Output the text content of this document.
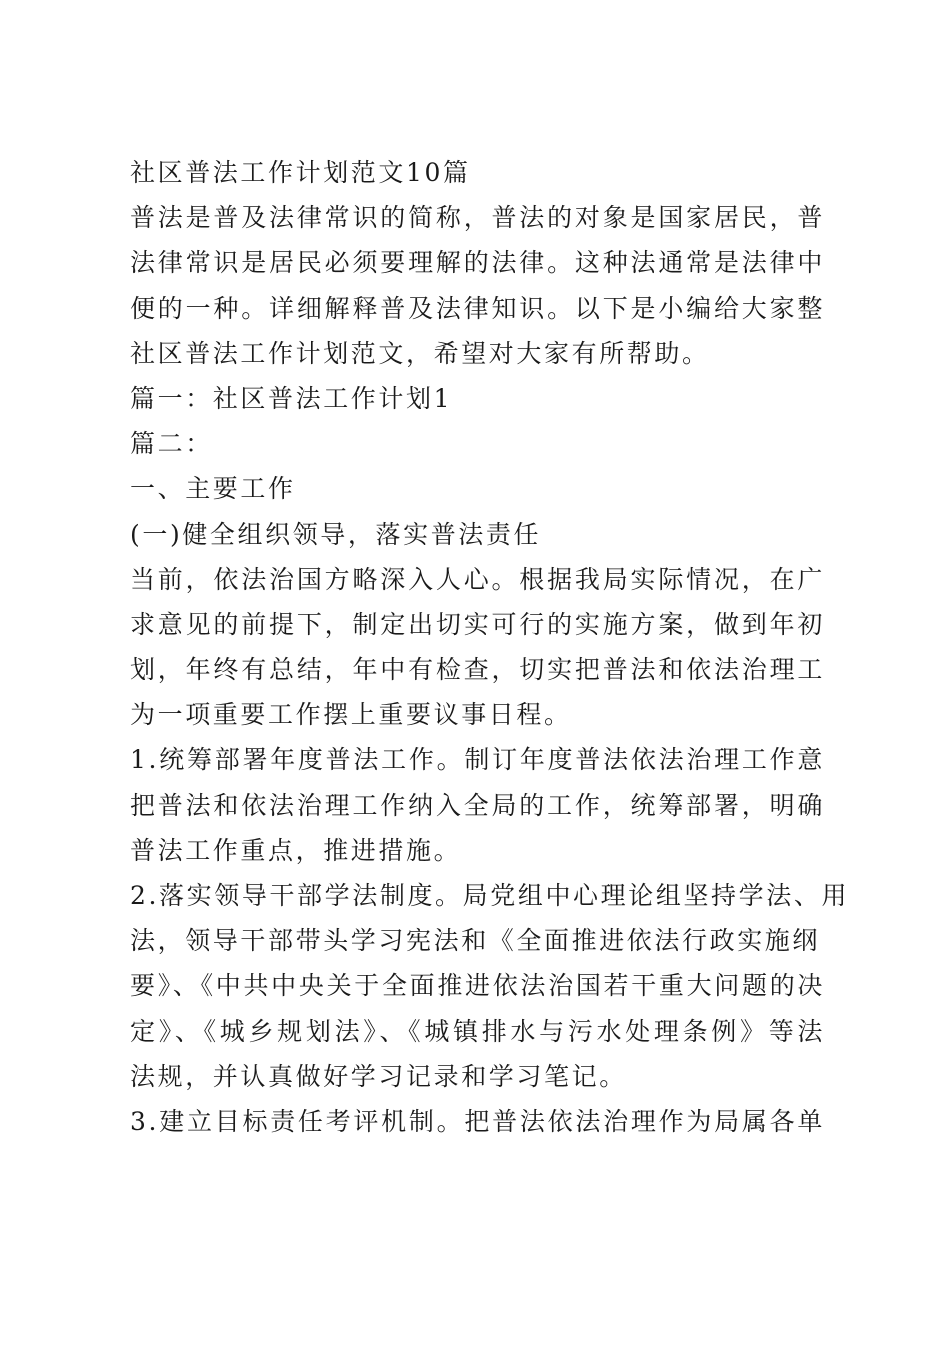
社区普法工作计划范文10篇
普法是普及法律常识的简称，普法的对象是国家居民，普
法律常识是居民必须要理解的法律。这种法通常是法律中
便的一种。详细解释普及法律知识。以下是小编给大家整
社区普法工作计划范文，希望对大家有所帮助。
篇一：社区普法工作计划1
篇二：
一、主要工作
(一)健全组织领导，落实普法责任
当前，依法治国方略深入人心。根据我局实际情况，在广
求意见的前提下，制定出切实可行的实施方案，做到年初
划，年终有总结，年中有检查，切实把普法和依法治理工
为一项重要工作摆上重要议事日程。
1.统筹部署年度普法工作。制订年度普法依法治理工作意
把普法和依法治理工作纳入全局的工作，统筹部署，明确
普法工作重点，推进措施。
2.落实领导干部学法制度。局党组中心理论组坚持学法、用
法，领导干部带头学习宪法和《全面推进依法行政实施纲
要》、《中共中央关于全面推进依法治国若干重大问题的决
定》、《城乡规划法》、《城镇排水与污水处理条例》等法
法规，并认真做好学习记录和学习笔记。
3.建立目标责任考评机制。把普法依法治理作为局属各单
